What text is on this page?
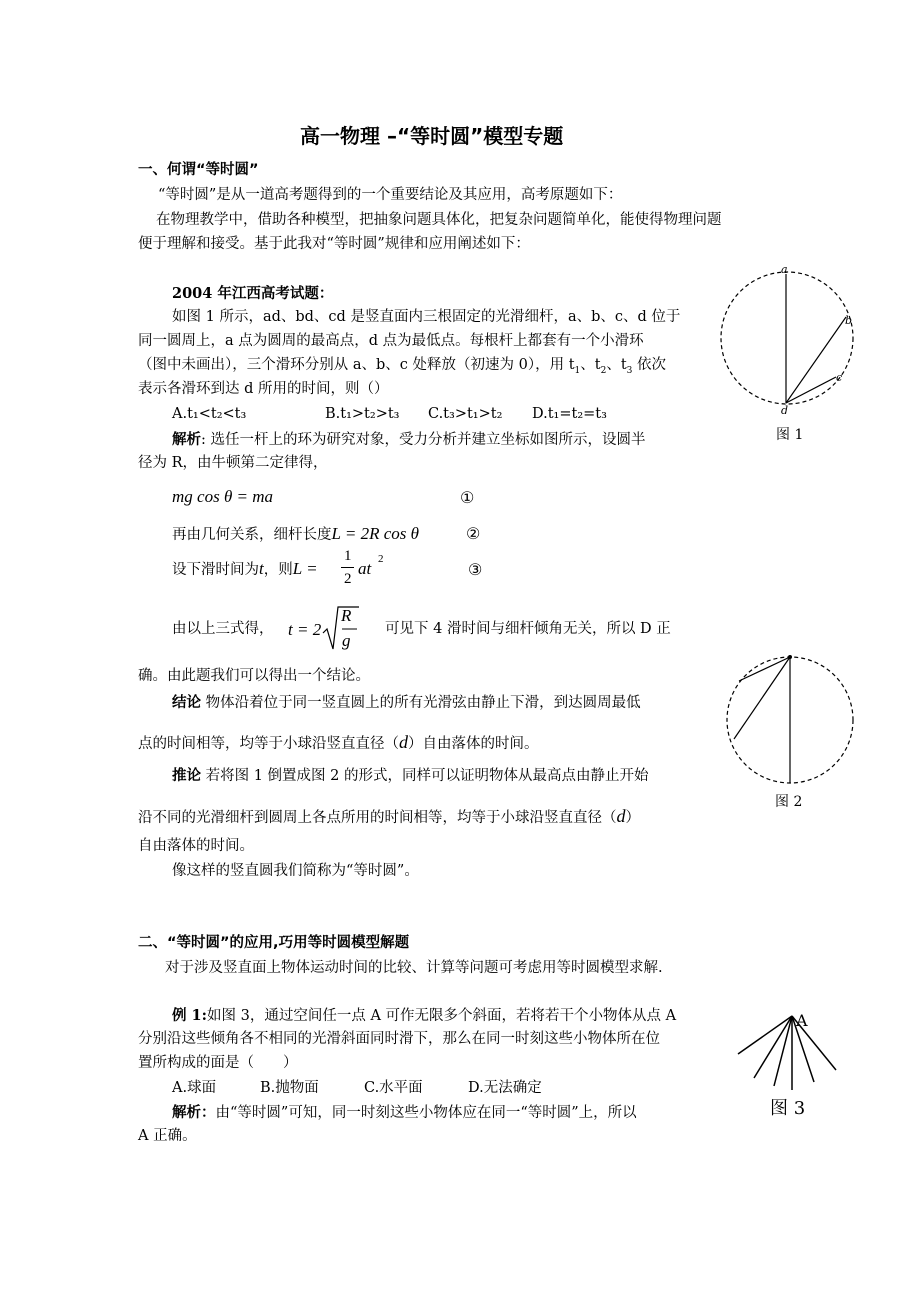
高一物理 –“等时圆”模型专题
一、何谓“等时圆”
“等时圆”是从一道高考题得到的一个重要结论及其应用，高考原题如下：
在物理教学中，借助各种模型，把抽象问题具体化，把复杂问题简单化，能使得物理问题
便于理解和接受。基于此我对“等时圆”规律和应用阐述如下：
2004 年江西高考试题：
如图 1 所示，ad、bd、cd 是竖直面内三根固定的光滑细杆，a、b、c、d 位于
同一圆周上，a 点为圆周的最高点，d 点为最低点。每根杆上都套有一个小滑环
（图中未画出），三个滑环分别从 a、b、c 处释放（初速为 0），用 $t_1$、$t_2$、$t_3$ 依次
表示各滑环到达 d 所用的时间，则（）
A.t₁<t₂<t₃	B.t₁>t₂>t₃ C.t₃>t₁>t₂ D.t₁=t₂=t₃
解析: 选任一杆上的环为研究对象，受力分析并建立坐标如图所示，设圆半
径为 R，由牛顿第二定律得，
mg cos θ = ma	①
再由几何关系，细杆长度L = 2R cos θ	②
设下滑时间为t，则L =
1
2
at 2
③
由以上三式得， t = 2
R
g
可见下 4 滑时间与细杆倾角无关，所以 D 正
确。由此题我们可以得出一个结论。
结论 物体沿着位于同一竖直圆上的所有光滑弦由静止下滑，到达圆周最低
点的时间相等，均等于小球沿竖直直径（d）自由落体的时间。
推论 若将图 1 倒置成图 2 的形式，同样可以证明物体从最高点由静止开始
沿不同的光滑细杆到圆周上各点所用的时间相等，均等于小球沿竖直直径（d）
自由落体的时间。
像这样的竖直圆我们简称为“等时圆”。
二、“等时圆”的应用,巧用等时圆模型解题
对于涉及竖直面上物体运动时间的比较、计算等问题可考虑用等时圆模型求解.
例 1:如图 3，通过空间任一点 A 可作无限多个斜面，若将若干个小物体从点 A
分别沿这些倾角各不相同的光滑斜面同时滑下，那么在同一时刻这些小物体所在位
置所构成的面是（　　）
A.球面	B.抛物面	C.水平面	D.无法确定
解析：由“等时圆”可知，同一时刻这些小物体应在同一“等时圆”上，所以
A 正确。
a
b
c
d
图 1
图 2
A
图 3
